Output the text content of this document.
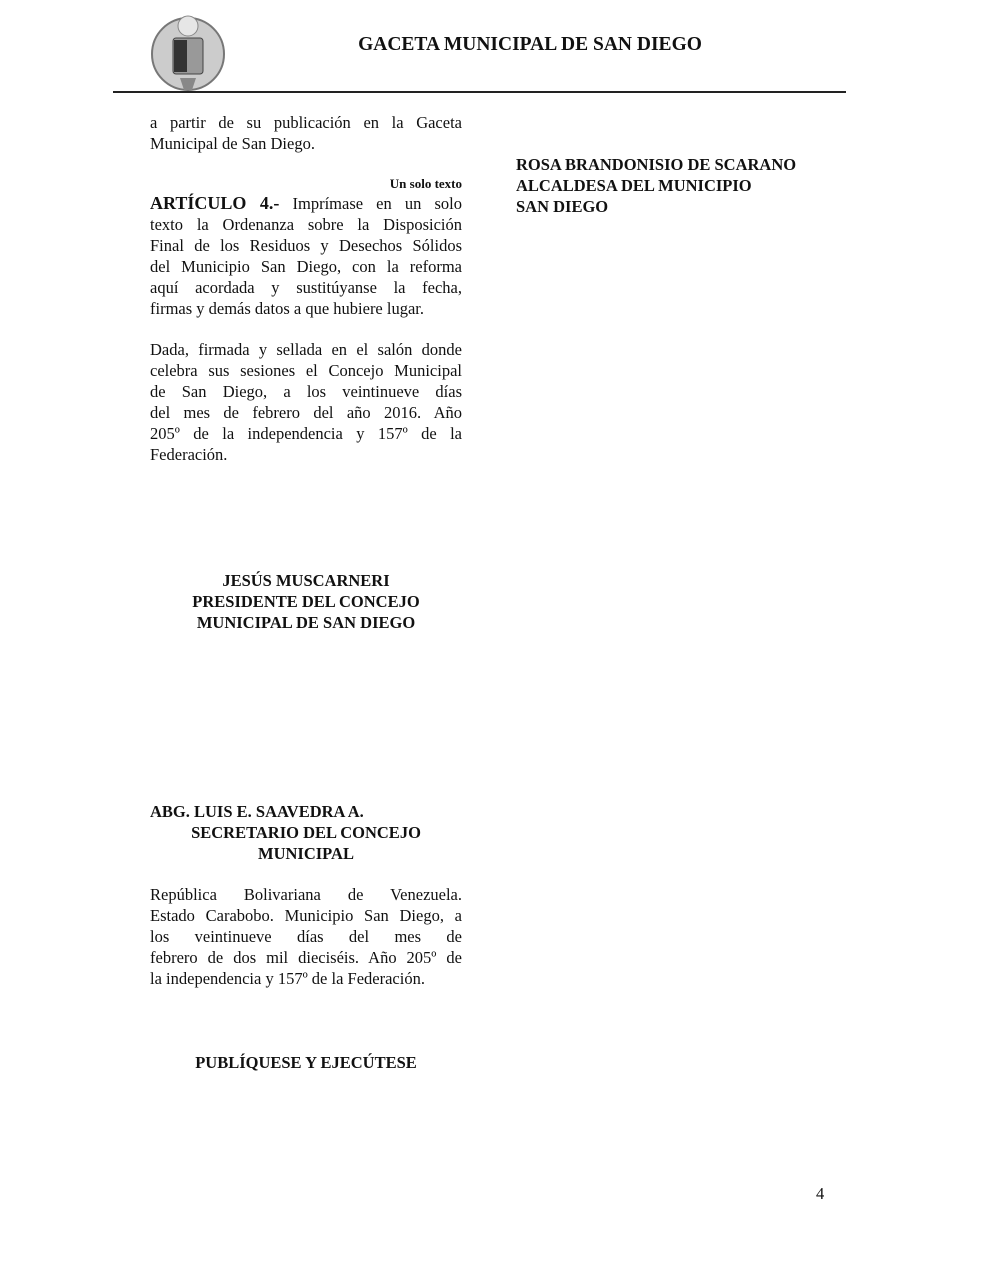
GACETA MUNICIPAL DE SAN DIEGO
a partir de su publicación en la Gaceta
Municipal de San Diego.
Un solo texto
ARTÍCULO 4.- Imprímase en un solo
texto la Ordenanza sobre la Disposición
Final de los Residuos y Desechos Sólidos
del Municipio San Diego, con la reforma
aquí acordada y sustitúyanse la fecha,
firmas y demás datos a que hubiere lugar.
Dada, firmada y sellada en el salón donde
celebra sus sesiones el Concejo Municipal
de San Diego, a los veintinueve días
del mes de febrero del año 2016. Año
205º de la independencia y 157º de la
Federación.
JESÚS MUSCARNERI
PRESIDENTE DEL CONCEJO
MUNICIPAL DE SAN DIEGO
ABG. LUIS E. SAAVEDRA A.
SECRETARIO DEL CONCEJO
MUNICIPAL
República Bolivariana de Venezuela.
Estado Carabobo. Municipio San Diego, a
los veintinueve días del mes de
febrero de dos mil dieciséis. Año 205º de
la independencia y 157º de la Federación.
PUBLÍQUESE Y EJECÚTESE
ROSA BRANDONISIO DE SCARANO
ALCALDESA DEL MUNICIPIO
SAN DIEGO
4
